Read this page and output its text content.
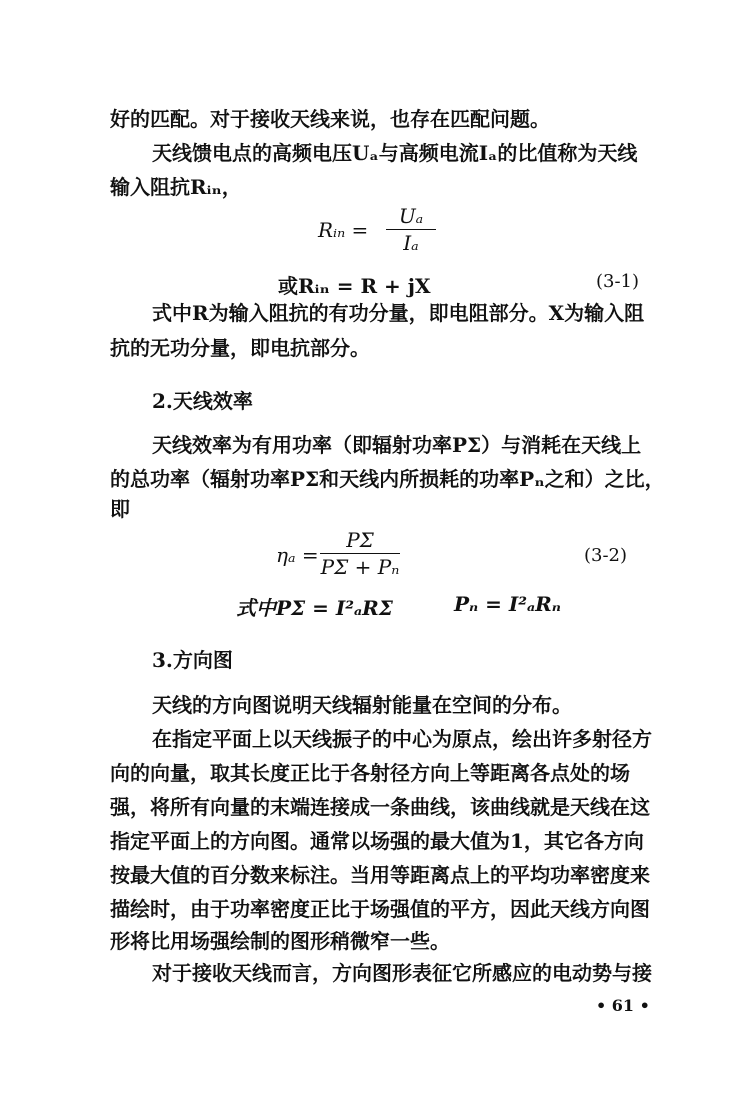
好的匹配。对于接收天线来说，也存在匹配问题。
天线馈电点的高频电压Uₐ与高频电流Iₐ的比值称为天线
输入阻抗Rᵢₙ，
Rᵢₙ =
Uₐ
Iₐ
或Rᵢₙ = R + jX	(3-1)
式中R为输入阻抗的有功分量，即电阻部分。X为输入阻
抗的无功分量，即电抗部分。
2.天线效率
天线效率为有用功率（即辐射功率PΣ）与消耗在天线上
的总功率（辐射功率PΣ和天线内所损耗的功率Pₙ之和）之比，
即
ηₐ =
PΣ
PΣ + Pₙ	(3-2)
式中PΣ = I²ₐRΣ	Pₙ = I²ₐRₙ
3.方向图
天线的方向图说明天线辐射能量在空间的分布。
在指定平面上以天线振子的中心为原点，绘出许多射径方
向的向量，取其长度正比于各射径方向上等距离各点处的场
强，将所有向量的末端连接成一条曲线，该曲线就是天线在这
指定平面上的方向图。通常以场强的最大值为1，其它各方向
按最大值的百分数来标注。当用等距离点上的平均功率密度来
描绘时，由于功率密度正比于场强值的平方，因此天线方向图
形将比用场强绘制的图形稍微窄一些。
对于接收天线而言，方向图形表征它所感应的电动势与接
• 61 •
